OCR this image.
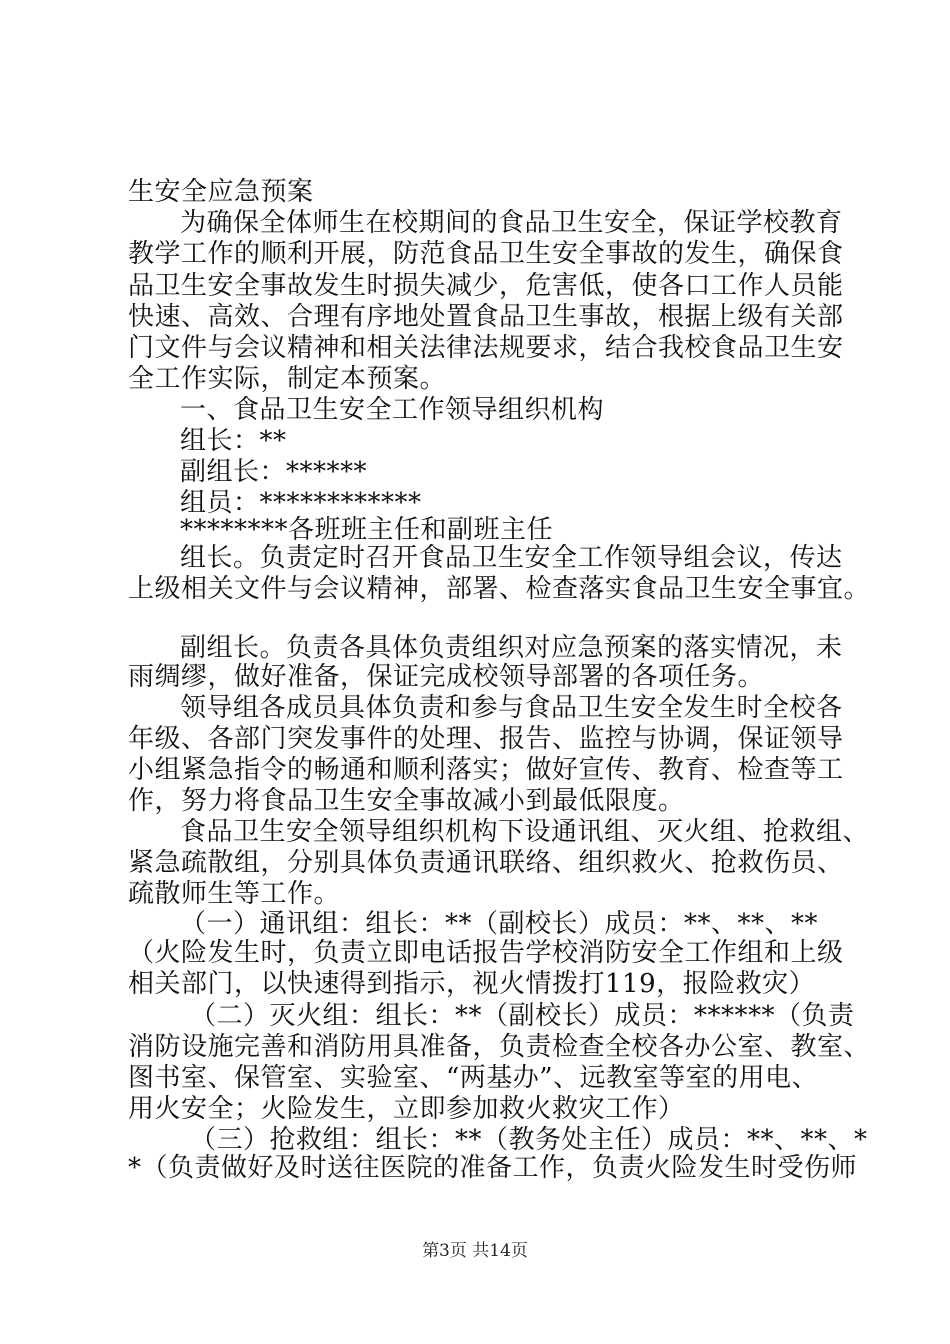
生安全应急预案
为确保全体师生在校期间的食品卫生安全，保证学校教育
教学工作的顺利开展，防范食品卫生安全事故的发生，确保食
品卫生安全事故发生时损失减少，危害低，使各口工作人员能
快速、高效、合理有序地处置食品卫生事故，根据上级有关部
门文件与会议精神和相关法律法规要求，结合我校食品卫生安
全工作实际，制定本预案。
一、食品卫生安全工作领导组织机构
组长：**
副组长：******
组员：************
********各班班主任和副班主任
组长。负责定时召开食品卫生安全工作领导组会议，传达
上级相关文件与会议精神，部署、检查落实食品卫生安全事宜。
副组长。负责各具体负责组织对应急预案的落实情况，未
雨绸缪，做好准备，保证完成校领导部署的各项任务。
领导组各成员具体负责和参与食品卫生安全发生时全校各
年级、各部门突发事件的处理、报告、监控与协调，保证领导
小组紧急指令的畅通和顺利落实；做好宣传、教育、检查等工
作，努力将食品卫生安全事故减小到最低限度。
食品卫生安全领导组织机构下设通讯组、灭火组、抢救组、
紧急疏散组，分别具体负责通讯联络、组织救火、抢救伤员、
疏散师生等工作。
（一）通讯组：组长：**（副校长）成员：**、**、**
（火险发生时，负责立即电话报告学校消防安全工作组和上级
相关部门，以快速得到指示，视火情拨打119，报险救灾）
（二）灭火组：组长：**（副校长）成员：******（负责
消防设施完善和消防用具准备，负责检查全校各办公室、教室、
图书室、保管室、实验室、“两基办”、远教室等室的用电、
用火安全；火险发生，立即参加救火救灾工作）
（三）抢救组：组长：**（教务处主任）成员：**、**、*
*（负责做好及时送往医院的准备工作，负责火险发生时受伤师
第3页 共14页
